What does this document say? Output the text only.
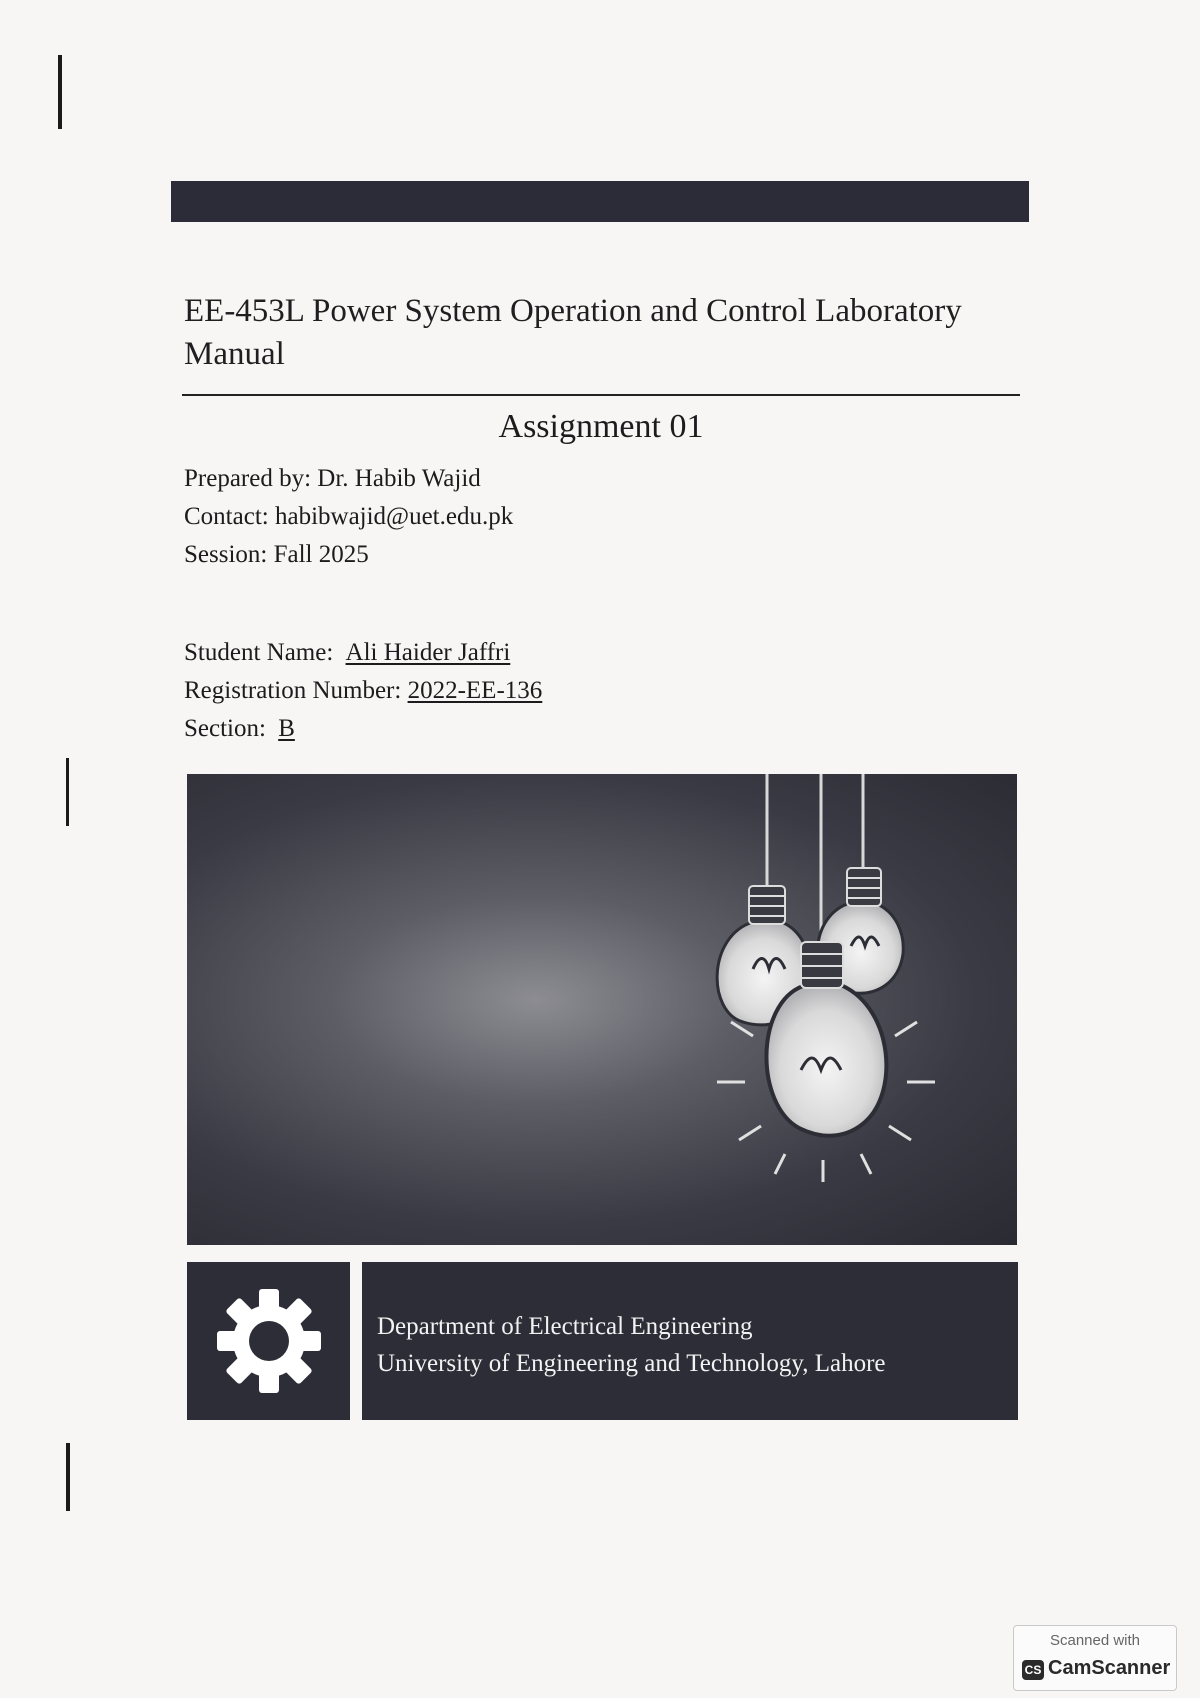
EE-453L Power System Operation and Control Laboratory Manual
Assignment 01
Prepared by: Dr. Habib Wajid
Contact: habibwajid@uet.edu.pk
Session: Fall 2025
Student Name: Ali Haider Jaffri
Registration Number: 2022-EE-136
Section: B
Department of Electrical Engineering
University of Engineering and Technology, Lahore
Scanned with
CS CamScanner
